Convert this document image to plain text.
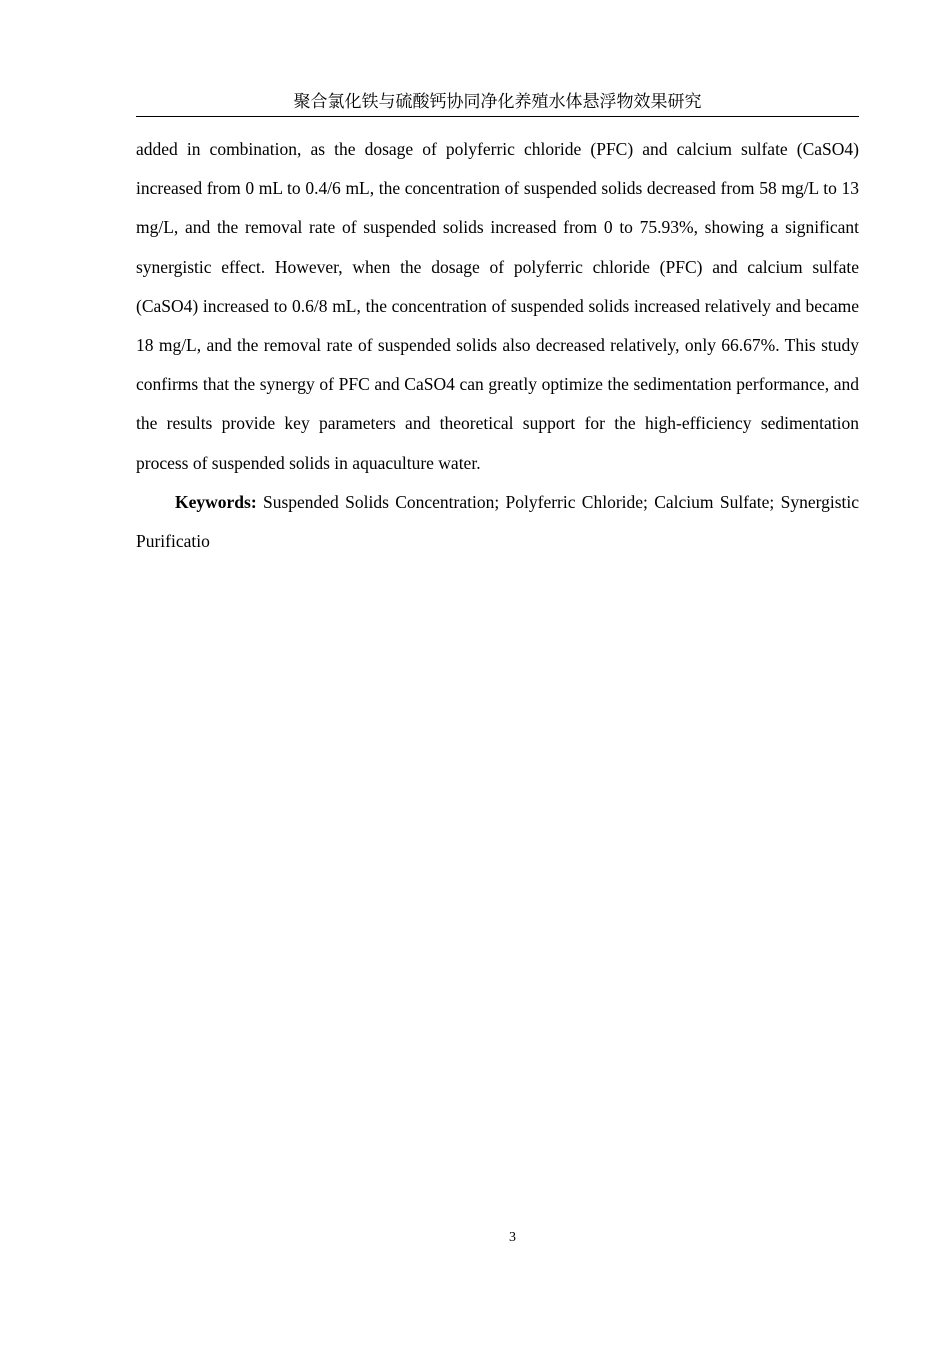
聚合氯化铁与硫酸钙协同净化养殖水体悬浮物效果研究

added in combination, as the dosage of polyferric chloride (PFC) and calcium sulfate (CaSO4) increased from 0 mL to 0.4/6 mL, the concentration of suspended solids decreased from 58 mg/L to 13 mg/L, and the removal rate of suspended solids increased from 0 to 75.93%, showing a significant synergistic effect. However, when the dosage of polyferric chloride (PFC) and calcium sulfate (CaSO4) increased to 0.6/8 mL, the concentration of suspended solids increased relatively and became 18 mg/L, and the removal rate of suspended solids also decreased relatively, only 66.67%. This study confirms that the synergy of PFC and CaSO4 can greatly optimize the sedimentation performance, and the results provide key parameters and theoretical support for the high-efficiency sedimentation process of suspended solids in aquaculture water.

Keywords: Suspended Solids Concentration; Polyferric Chloride; Calcium Sulfate; Synergistic Purificatio

3
